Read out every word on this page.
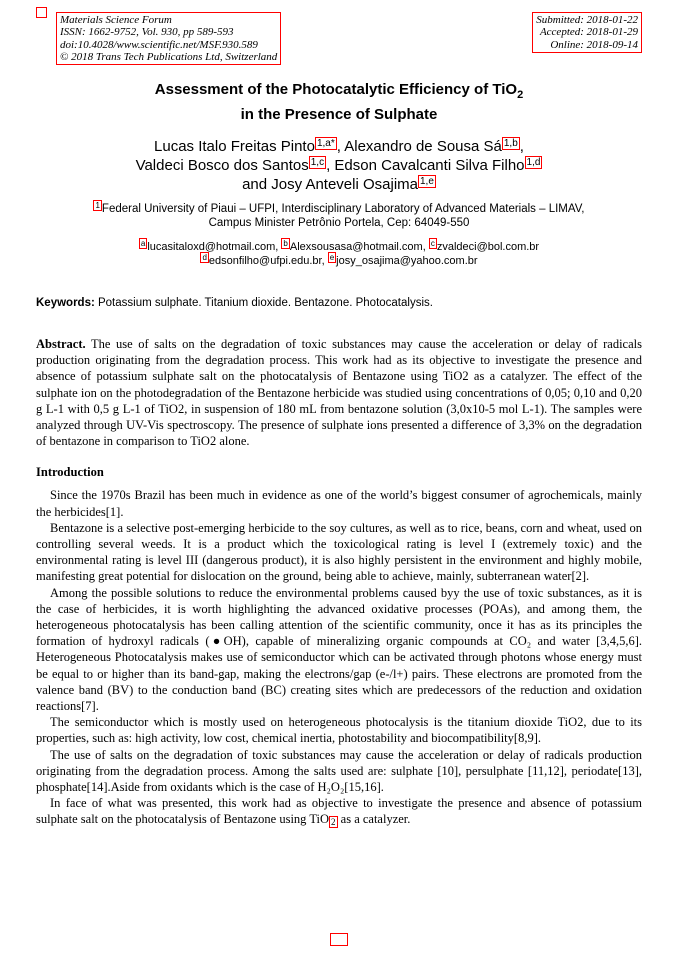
Materials Science Forum
ISSN: 1662-9752, Vol. 930, pp 589-593
doi:10.4028/www.scientific.net/MSF.930.589
© 2018 Trans Tech Publications Ltd, Switzerland
Submitted: 2018-01-22
Accepted: 2018-01-29
Online: 2018-09-14
Assessment of the Photocatalytic Efficiency of TiO$_2$
in the Presence of Sulphate
Lucas Italo Freitas Pinto $^{1,a*}$ , Alexandro de Sousa Sá $^{1,b}$ ,
Valdeci Bosco dos Santos $^{1,c}$ , Edson Cavalcanti Silva Filho $^{1,d}$
and Josy Anteveli Osajima $^{1,e}$
$^1$ Federal University of Piaui – UFPI, Interdisciplinary Laboratory of Advanced Materials – LIMAV,
Campus Minister Petrônio Portela, Cep: 64049-550
$^a$ lucasitaloxd@hotmail.com, $^b$ Alexsousasa@hotmail.com, $^c$ zvaldeci@bol.com.br
$^d$ edsonfilho@ufpi.edu.br, $^e$ josy_osajima@yahoo.com.br
Keywords: Potassium sulphate. Titanium dioxide. Bentazone. Photocatalysis.
Abstract. The use of salts on the degradation of toxic substances may cause the acceleration or delay of radicals production originating from the degradation process. This work had as its objective to investigate the presence and absence of potassium sulphate salt on the photocatalysis of Bentazone using TiO2 as a catalyzer. The effect of the sulphate ion on the photodegradation of the Bentazone herbicide was studied using concentrations of 0,05; 0,10 and 0,20 g L-1 with 0,5 g L-1 of TiO2, in suspension of 180 mL from bentazone solution (3,0x10-5 mol L-1). The samples were analyzed through UV-Vis spectroscopy. The presence of sulphate ions presented a difference of 3,3% on the degradation of bentazone in comparison to TiO2 alone.
Introduction

Since the 1970s Brazil has been much in evidence as one of the world’s biggest consumer of agrochemicals, mainly the herbicides[1].

Bentazone is a selective post-emerging herbicide to the soy cultures, as well as to rice, beans, corn and wheat, used on controlling several weeds. It is a product which the toxicological rating is level I (extremely toxic) and the environmental rating is level III (dangerous product), it is also highly persistent in the environment and highly mobile, manifesting great potential for dislocation on the ground, being able to achieve, mainly, subterranean water[2].

Among the possible solutions to reduce the environmental problems caused byy the use of toxic substances, as it is the case of herbicides, it is worth highlighting the advanced oxidative processes (POAs), and among them, the heterogeneous photocatalysis has been calling attention of the scientific community, once it has as its principles the formation of hydroxyl radicals (●OH), capable of mineralizing organic compounds at CO₂ and water [3,4,5,6]. Heterogeneous Photocatalysis makes use of semiconductor which can be activated through photons whose energy must be equal to or higher than its band-gap, making the electrons/gap (e-/l+) pairs. These electrons are promoted from the valence band (BV) to the conduction band (BC) creating sites which are predecessors of the reduction and oxidation reactions[7].

The semiconductor which is mostly used on heterogeneous photocalysis is the titanium dioxide TiO2, due to its properties, such as: high activity, low cost, chemical inertia, photostability and biocompatibility[8,9].

The use of salts on the degradation of toxic substances may cause the acceleration or delay of radicals production originating from the degradation process. Among the salts used are: sulphate [10], persulphate [11,12], periodate[13], phosphate[14].Aside from oxidants which is the case of H₂O₂[15,16].

In face of what was presented, this work had as objective to investigate the presence and absence of potassium sulphate salt on the photocatalysis of Bentazone using TiO $_2$ as a catalyzer.
